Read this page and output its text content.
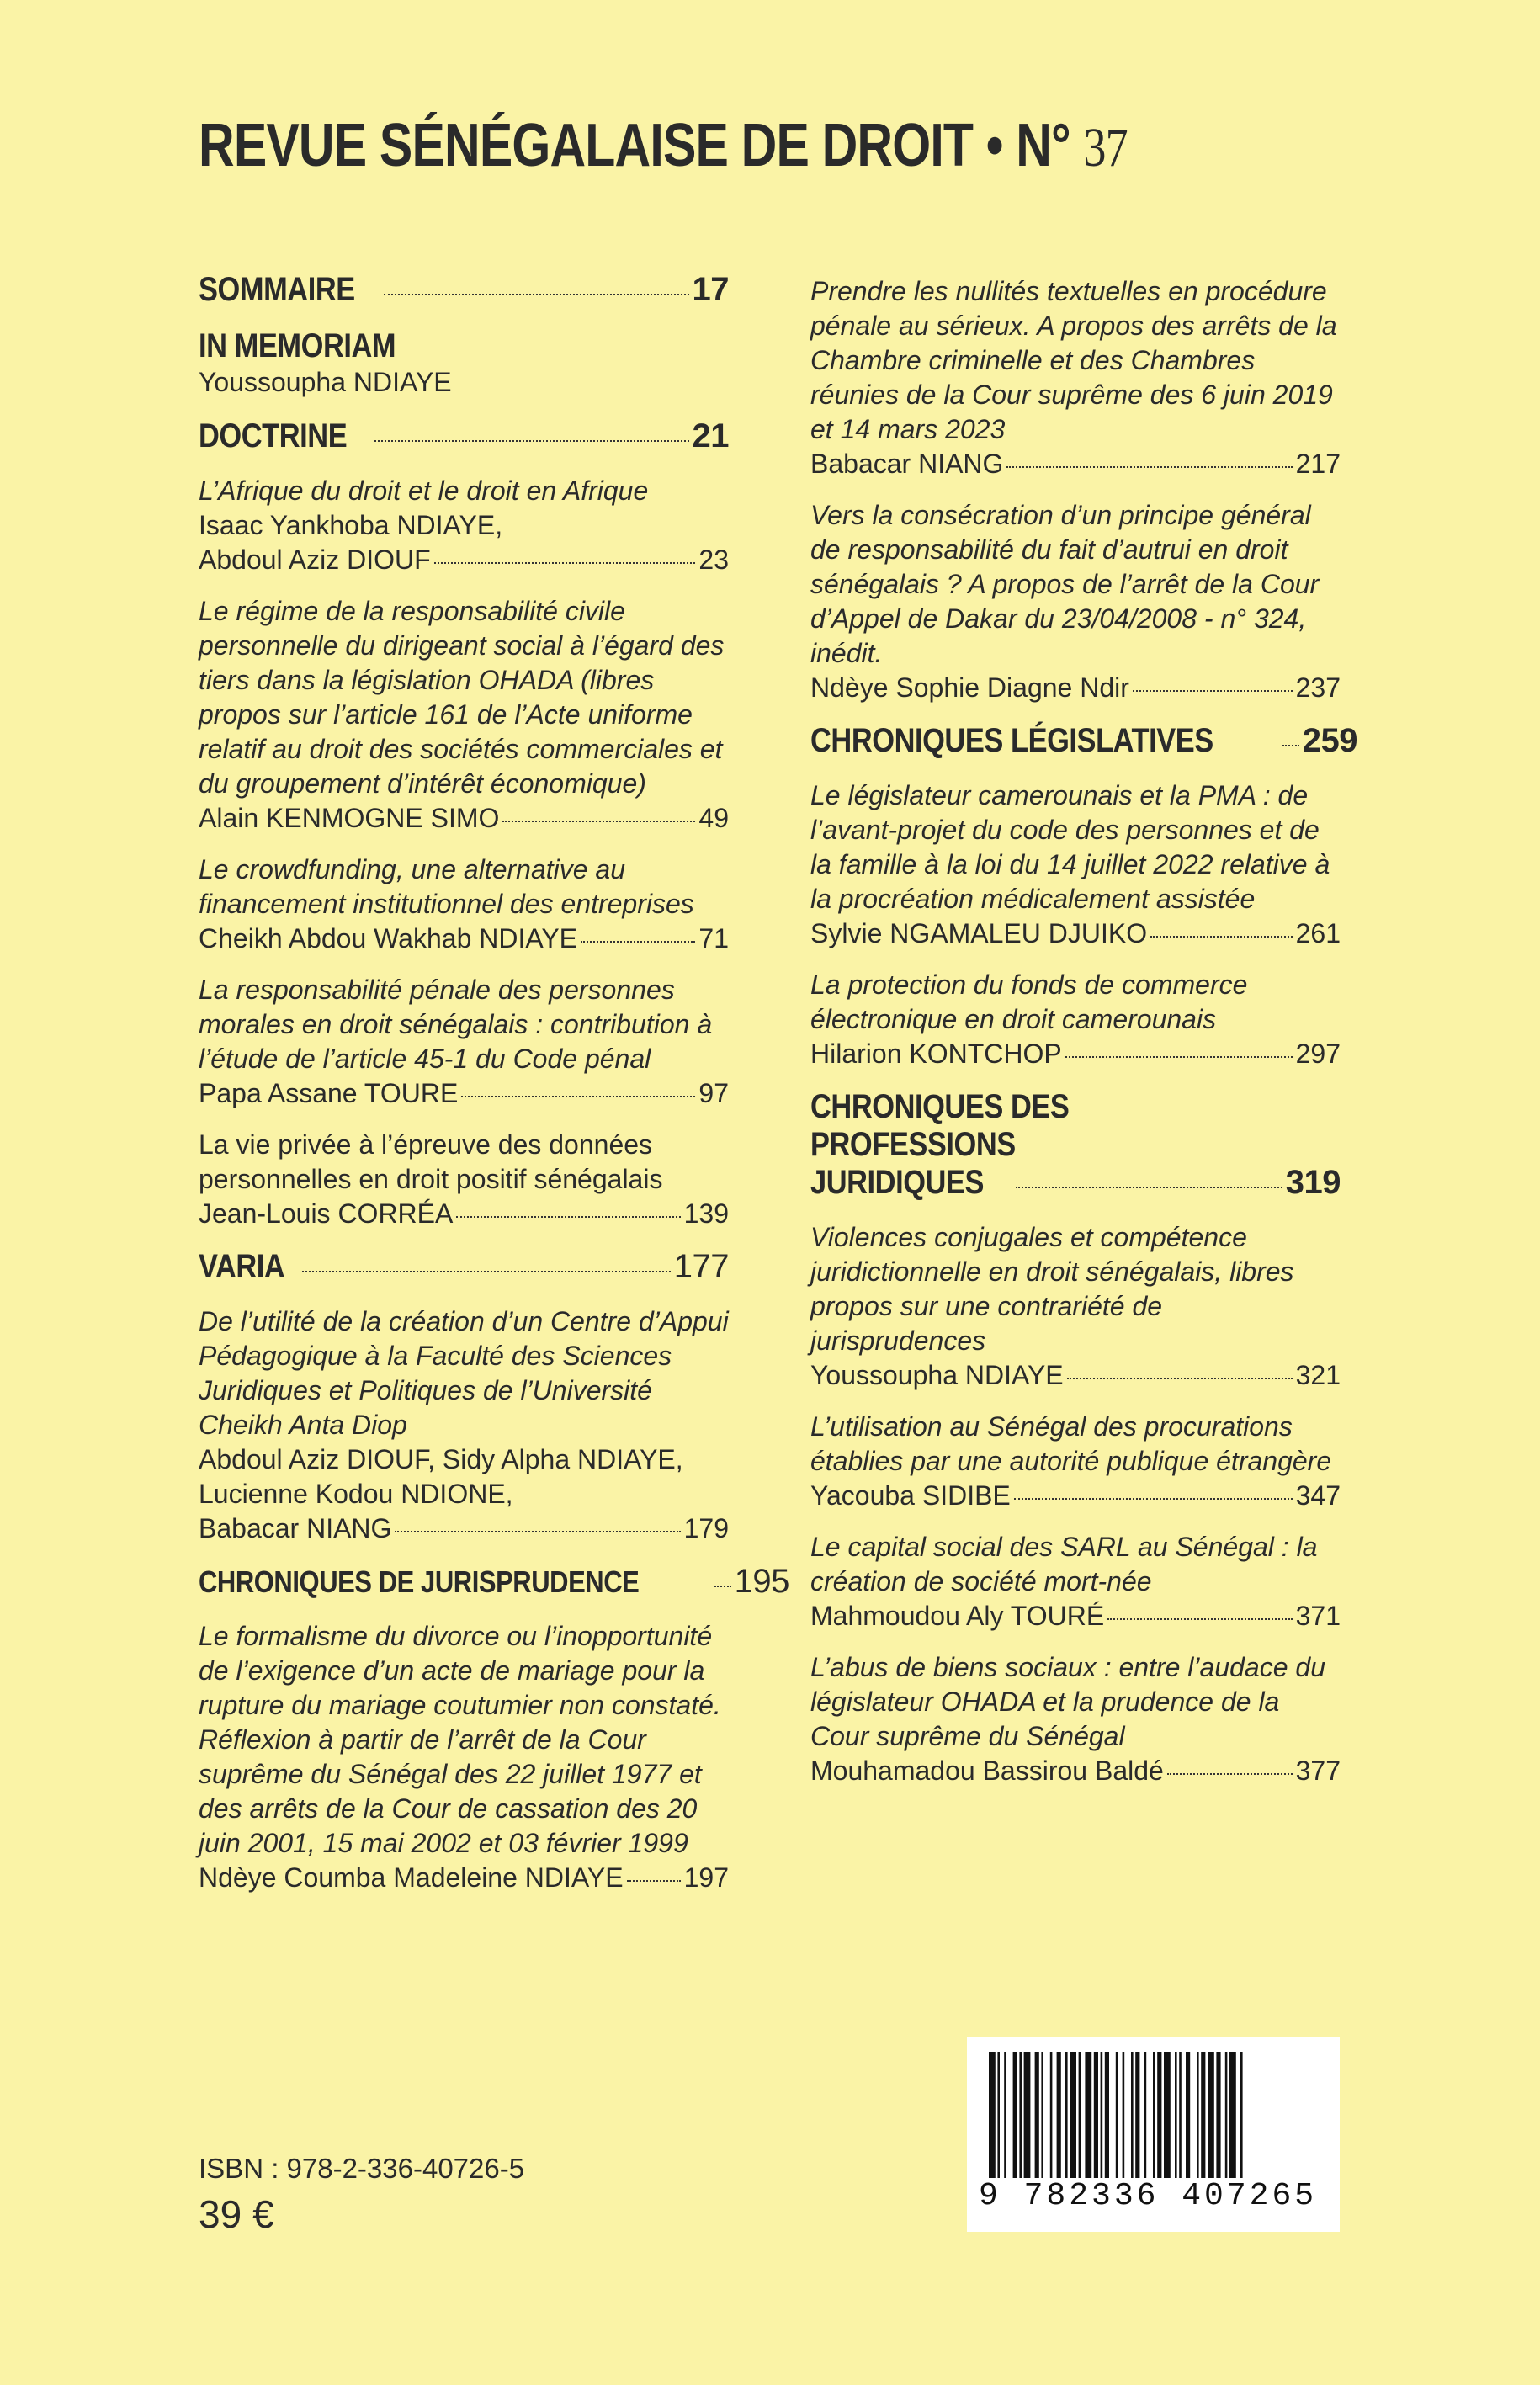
REVUE SÉNÉGALAISE DE DROIT • N° 37
SOMMAIRE	17
IN MEMORIAM
Youssoupha NDIAYE
DOCTRINE	21
L’Afrique du droit et le droit en Afrique
Isaac Yankhoba NDIAYE,
Abdoul Aziz DIOUF	23
Le régime de la responsabilité civile personnelle du dirigeant social à l’égard des tiers dans la législation OHADA (libres propos sur l’article 161 de l’Acte uniforme relatif au droit des sociétés commerciales et du groupement d’intérêt économique)
Alain KENMOGNE SIMO	49
Le crowdfunding, une alternative au financement institutionnel des entreprises
Cheikh Abdou Wakhab NDIAYE	71
La responsabilité pénale des personnes morales en droit sénégalais : contribution à l’étude de l’article 45-1 du Code pénal
Papa Assane TOURE	97
La vie privée à l’épreuve des données personnelles en droit positif sénégalais
Jean-Louis CORRÉA	139
VARIA	177
De l’utilité de la création d’un Centre d’Appui Pédagogique à la Faculté des Sciences Juridiques et Politiques de l’Université Cheikh Anta Diop
Abdoul Aziz DIOUF, Sidy Alpha NDIAYE, Lucienne Kodou NDIONE,
Babacar NIANG	179
CHRONIQUES DE JURISPRUDENCE	195
Le formalisme du divorce ou l’inopportunité de l’exigence d’un acte de mariage pour la rupture du mariage coutumier non constaté. Réflexion à partir de l’arrêt de la Cour suprême du Sénégal des 22 juillet 1977 et des arrêts de la Cour de cassation des 20 juin 2001, 15 mai 2002 et 03 février 1999
Ndèye Coumba Madeleine NDIAYE 197
Prendre les nullités textuelles en procédure pénale au sérieux. A propos des arrêts de la Chambre criminelle et des Chambres réunies de la Cour suprême des 6 juin 2019 et 14 mars 2023
Babacar NIANG	217
Vers la consécration d’un principe général de responsabilité du fait d’autrui en droit sénégalais ? A propos de l’arrêt de la Cour d’Appel de Dakar du 23/04/2008 - n° 324, inédit.
Ndèye Sophie Diagne Ndir	237
CHRONIQUES LÉGISLATIVES	259
Le législateur camerounais et la PMA : de l’avant-projet du code des personnes et de la famille à la loi du 14 juillet 2022 relative à la procréation médicalement assistée
Sylvie NGAMALEU DJUIKO	261
La protection du fonds de commerce électronique en droit camerounais
Hilarion KONTCHOP	297
CHRONIQUES DES PROFESSIONS
JURIDIQUES	319
Violences conjugales et compétence juridictionnelle en droit sénégalais, libres propos sur une contrariété de jurisprudences
Youssoupha NDIAYE	321
L’utilisation au Sénégal des procurations établies par une autorité publique étrangère
Yacouba SIDIBE	347
Le capital social des SARL au Sénégal : la création de société mort-née
Mahmoudou Aly TOURÉ	371
L’abus de biens sociaux : entre l’audace du législateur OHADA et la prudence de la Cour suprême du Sénégal
Mouhamadou Bassirou Baldé	377
ISBN : 978-2-336-40726-5
39 €	9 782336 407265
